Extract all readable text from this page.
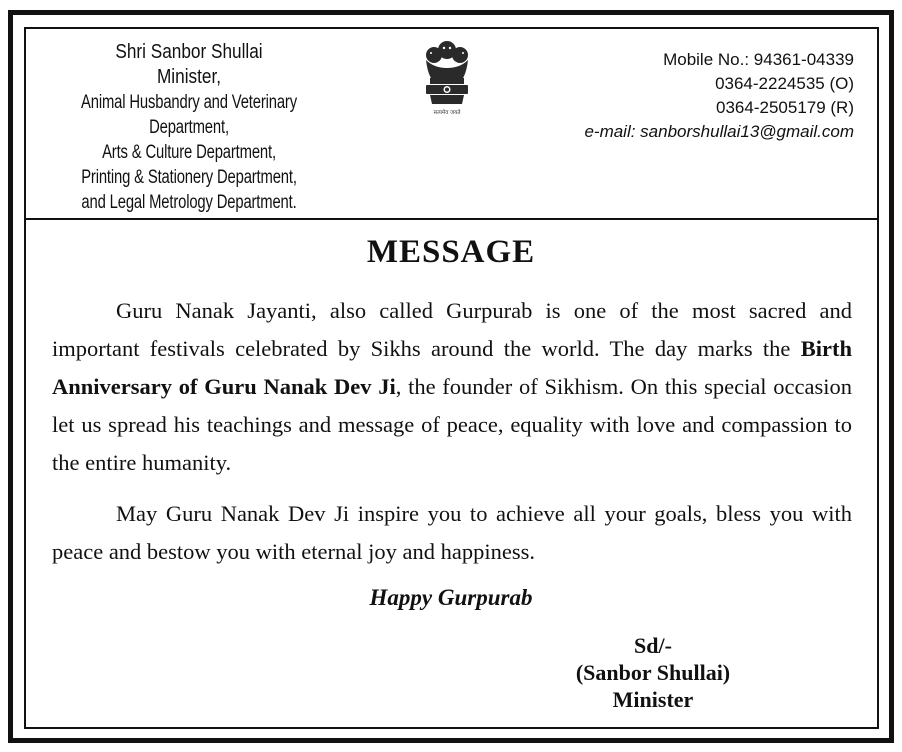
Shri Sanbor Shullai
Minister,
Animal Husbandry and Veterinary
Department,
Arts & Culture Department,
Printing & Stationery Department,
and Legal Metrology Department.
सत्यमेव जयते
Mobile No.: 94361-04339
0364-2224535 (O)
0364-2505179 (R)
e-mail: sanborshullai13@gmail.com
MESSAGE

Guru Nanak Jayanti, also called Gurpurab is one of the most sacred and important festivals celebrated by Sikhs around the world. The day marks the Birth Anniversary of Guru Nanak Dev Ji, the founder of Sikhism. On this special occasion let us spread his teachings and message of peace, equality with love and compassion to the entire humanity.

May Guru Nanak Dev Ji inspire you to achieve all your goals, bless you with peace and bestow you with eternal joy and happiness.

Happy Gurpurab
Sd/-
(Sanbor Shullai)
Minister
